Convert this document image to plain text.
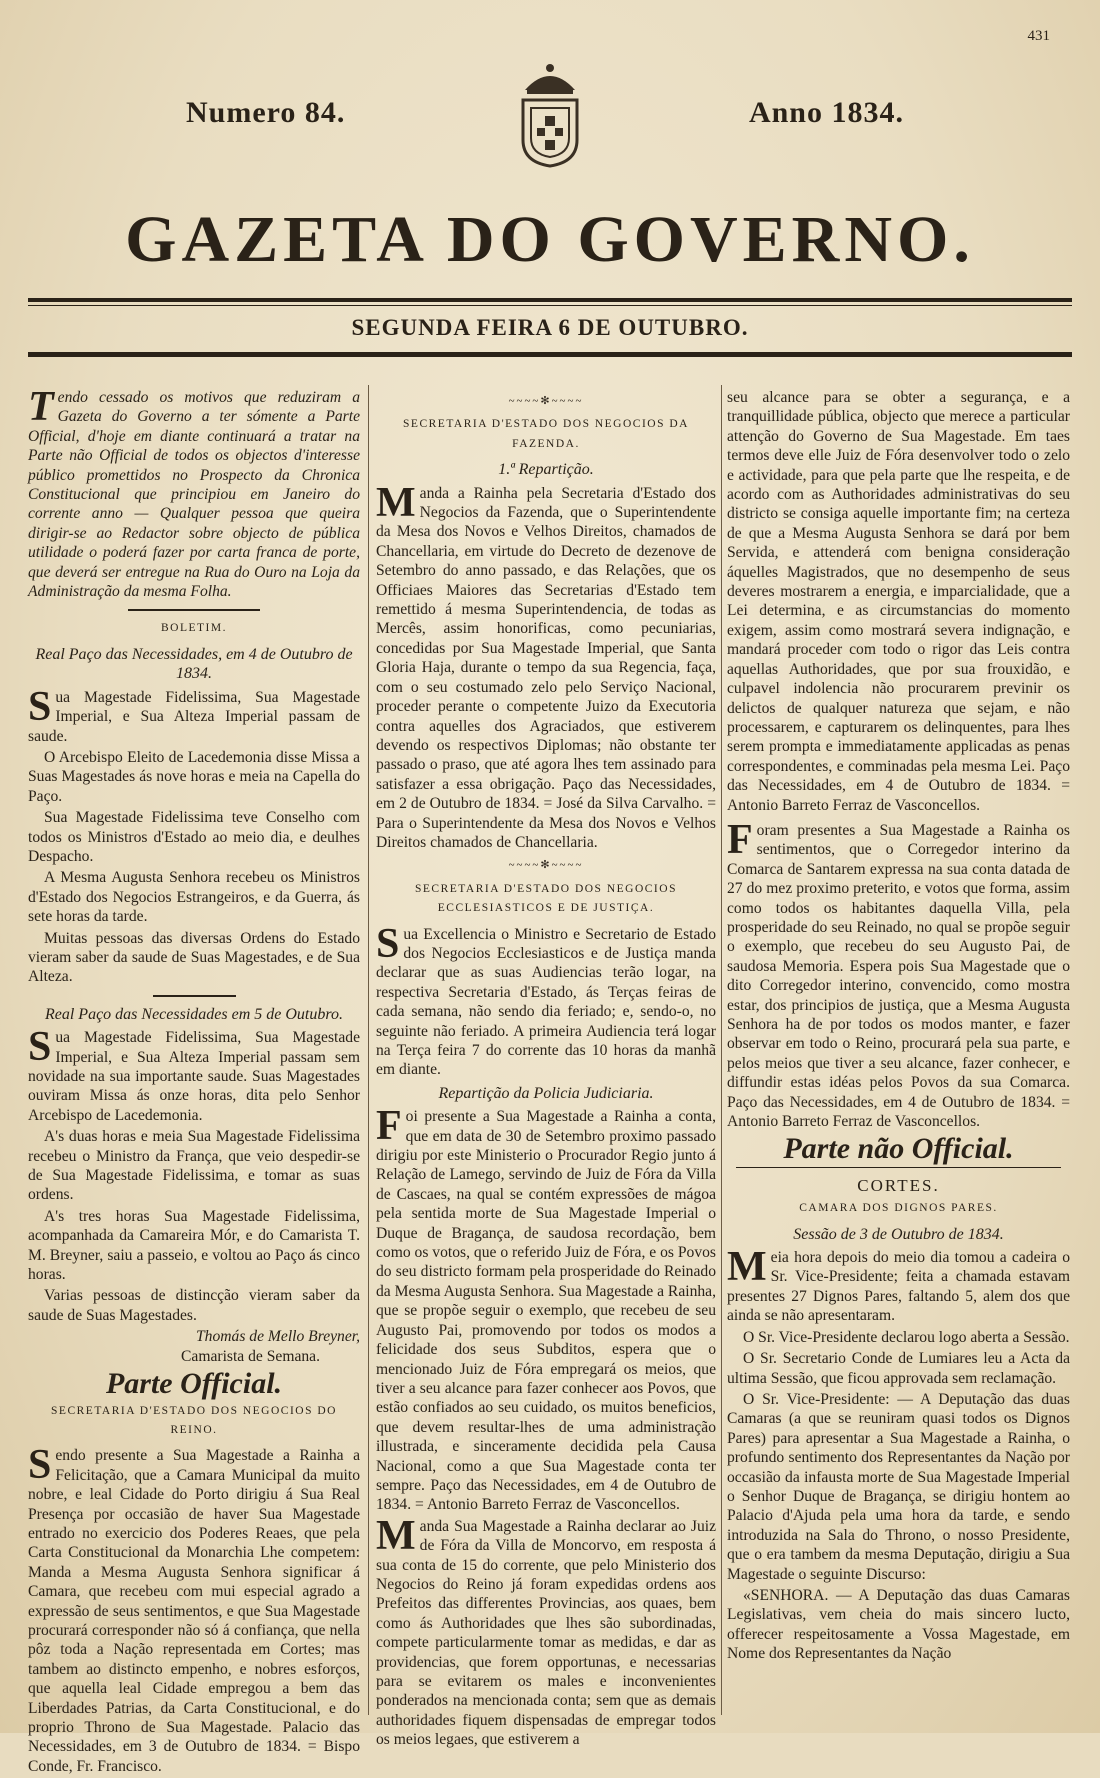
431
Numero 84.	Anno 1834.
GAZETA DO GOVERNO.
SEGUNDA FEIRA 6 DE OUTUBRO.

Tendo cessado os motivos que reduziram a Gazeta do Governo a ter sómente a Parte Official, d'hoje em diante continuará a tratar na Parte não Official de todos os objectos d'interesse público promettidos no Prospecto da Chronica Constitucional que principiou em Janeiro do corrente anno — Qualquer pessoa que queira dirigir-se ao Redactor sobre objecto de pública utilidade o poderá fazer por carta franca de porte, que deverá ser entregue na Rua do Ouro na Loja da Administração da mesma Folha.

BOLETIM.
Real Paço das Necessidades, em 4 de Outubro de 1834.

Sua Magestade Fidelissima, Sua Magestade Imperial, e Sua Alteza Imperial passam de saude.

O Arcebispo Eleito de Lacedemonia disse Missa a Suas Magestades ás nove horas e meia na Capella do Paço.

Sua Magestade Fidelissima teve Conselho com todos os Ministros d'Estado ao meio dia, e deulhes Despacho.

A Mesma Augusta Senhora recebeu os Ministros d'Estado dos Negocios Estrangeiros, e da Guerra, ás sete horas da tarde.

Muitas pessoas das diversas Ordens do Estado vieram saber da saude de Suas Magestades, e de Sua Alteza.

Real Paço das Necessidades em 5 de Outubro.

Sua Magestade Fidelissima, Sua Magestade Imperial, e Sua Alteza Imperial passam sem novidade na sua importante saude. Suas Magestades ouviram Missa ás onze horas, dita pelo Senhor Arcebispo de Lacedemonia.

A's duas horas e meia Sua Magestade Fidelissima recebeu o Ministro da França, que veio despedir-se de Sua Magestade Fidelissima, e tomar as suas ordens.

A's tres horas Sua Magestade Fidelissima, acompanhada da Camareira Mór, e do Camarista T. M. Breyner, saiu a passeio, e voltou ao Paço ás cinco horas.

Varias pessoas de distincção vieram saber da saude de Suas Magestades.

Thomás de Mello Breyner,
Camarista de Semana.
Parte Official.
SECRETARIA D'ESTADO DOS NEGOCIOS DO REINO.

Sendo presente a Sua Magestade a Rainha a Felicitação, que a Camara Municipal da muito nobre, e leal Cidade do Porto dirigiu á Sua Real Presença por occasião de haver Sua Magestade entrado no exercicio dos Poderes Reaes, que pela Carta Constitucional da Monarchia Lhe competem: Manda a Mesma Augusta Senhora significar á Camara, que recebeu com mui especial agrado a expressão de seus sentimentos, e que Sua Magestade procurará corresponder não só á confiança, que nella pôz toda a Nação representada em Cortes; mas tambem ao distincto empenho, e nobres esforços, que aquella leal Cidade empregou a bem das Liberdades Patrias, da Carta Constitucional, e do proprio Throno de Sua Magestade. Palacio das Necessidades, em 3 de Outubro de 1834. = Bispo Conde, Fr. Francisco.

~~~~✻~~~~
SECRETARIA D'ESTADO DOS NEGOCIOS DA FAZENDA.
1.ª Repartição.

Manda a Rainha pela Secretaria d'Estado dos Negocios da Fazenda, que o Superintendente da Mesa dos Novos e Velhos Direitos, chamados de Chancellaria, em virtude do Decreto de dezenove de Setembro do anno passado, e das Relações, que os Officiaes Maiores das Secretarias d'Estado tem remettido á mesma Superintendencia, de todas as Mercês, assim honorificas, como pecuniarias, concedidas por Sua Magestade Imperial, que Santa Gloria Haja, durante o tempo da sua Regencia, faça, com o seu costumado zelo pelo Serviço Nacional, proceder perante o competente Juizo da Executoria contra aquelles dos Agraciados, que estiverem devendo os respectivos Diplomas; não obstante ter passado o praso, que até agora lhes tem assinado para satisfazer a essa obrigação. Paço das Necessidades, em 2 de Outubro de 1834. = José da Silva Carvalho. = Para o Superintendente da Mesa dos Novos e Velhos Direitos chamados de Chancellaria.

~~~~✻~~~~
SECRETARIA D'ESTADO DOS NEGOCIOS ECCLESIASTICOS E DE JUSTIÇA.

Sua Excellencia o Ministro e Secretario de Estado dos Negocios Ecclesiasticos e de Justiça manda declarar que as suas Audiencias terão logar, na respectiva Secretaria d'Estado, ás Terças feiras de cada semana, não sendo dia feriado; e, sendo-o, no seguinte não feriado. A primeira Audiencia terá logar na Terça feira 7 do corrente das 10 horas da manhã em diante.

Repartição da Policia Judiciaria.

Foi presente a Sua Magestade a Rainha a conta, que em data de 30 de Setembro proximo passado dirigiu por este Ministerio o Procurador Regio junto á Relação de Lamego, servindo de Juiz de Fóra da Villa de Cascaes, na qual se contém expressões de mágoa pela sentida morte de Sua Magestade Imperial o Duque de Bragança, de saudosa recordação, bem como os votos, que o referido Juiz de Fóra, e os Povos do seu districto formam pela prosperidade do Reinado da Mesma Augusta Senhora. Sua Magestade a Rainha, que se propõe seguir o exemplo, que recebeu de seu Augusto Pai, promovendo por todos os modos a felicidade dos seus Subditos, espera que o mencionado Juiz de Fóra empregará os meios, que tiver a seu alcance para fazer conhecer aos Povos, que estão confiados ao seu cuidado, os muitos beneficios, que devem resultar-lhes de uma administração illustrada, e sinceramente decidida pela Causa Nacional, como a que Sua Magestade conta ter sempre. Paço das Necessidades, em 4 de Outubro de 1834. = Antonio Barreto Ferraz de Vasconcellos.

Manda Sua Magestade a Rainha declarar ao Juiz de Fóra da Villa de Moncorvo, em resposta á sua conta de 15 do corrente, que pelo Ministerio dos Negocios do Reino já foram expedidas ordens aos Prefeitos das differentes Provincias, aos quaes, bem como ás Authoridades que lhes são subordinadas, compete particularmente tomar as medidas, e dar as providencias, que forem opportunas, e necessarias para se evitarem os males e inconvenientes ponderados na mencionada conta; sem que as demais authoridades fiquem dispensadas de empregar todos os meios legaes, que estiverem a

seu alcance para se obter a segurança, e a tranquillidade pública, objecto que merece a particular attenção do Governo de Sua Magestade. Em taes termos deve elle Juiz de Fóra desenvolver todo o zelo e actividade, para que pela parte que lhe respeita, e de acordo com as Authoridades administrativas do seu districto se consiga aquelle importante fim; na certeza de que a Mesma Augusta Senhora se dará por bem Servida, e attenderá com benigna consideração áquelles Magistrados, que no desempenho de seus deveres mostrarem a energia, e imparcialidade, que a Lei determina, e as circumstancias do momento exigem, assim como mostrará severa indignação, e mandará proceder com todo o rigor das Leis contra aquellas Authoridades, que por sua frouxidão, e culpavel indolencia não procurarem previnir os delictos de qualquer natureza que sejam, e não processarem, e capturarem os delinquentes, para lhes serem prompta e immediatamente applicadas as penas correspondentes, e comminadas pela mesma Lei. Paço das Necessidades, em 4 de Outubro de 1834. = Antonio Barreto Ferraz de Vasconcellos.

Foram presentes a Sua Magestade a Rainha os sentimentos, que o Corregedor interino da Comarca de Santarem expressa na sua conta datada de 27 do mez proximo preterito, e votos que forma, assim como todos os habitantes daquella Villa, pela prosperidade do seu Reinado, no qual se propõe seguir o exemplo, que recebeu do seu Augusto Pai, de saudosa Memoria. Espera pois Sua Magestade que o dito Corregedor interino, convencido, como mostra estar, dos principios de justiça, que a Mesma Augusta Senhora ha de por todos os modos manter, e fazer observar em todo o Reino, procurará pela sua parte, e pelos meios que tiver a seu alcance, fazer conhecer, e diffundir estas idéas pelos Povos da sua Comarca. Paço das Necessidades, em 4 de Outubro de 1834. = Antonio Barreto Ferraz de Vasconcellos.

Parte não Official.
CORTES.
CAMARA DOS DIGNOS PARES.
Sessão de 3 de Outubro de 1834.

Meia hora depois do meio dia tomou a cadeira o Sr. Vice-Presidente; feita a chamada estavam presentes 27 Dignos Pares, faltando 5, alem dos que ainda se não apresentaram.

O Sr. Vice-Presidente declarou logo aberta a Sessão.

O Sr. Secretario Conde de Lumiares leu a Acta da ultima Sessão, que ficou approvada sem reclamação.

O Sr. Vice-Presidente: — A Deputação das duas Camaras (a que se reuniram quasi todos os Dignos Pares) para apresentar a Sua Magestade a Rainha, o profundo sentimento dos Representantes da Nação por occasião da infausta morte de Sua Magestade Imperial o Senhor Duque de Bragança, se dirigiu hontem ao Palacio d'Ajuda pela uma hora da tarde, e sendo introduzida na Sala do Throno, o nosso Presidente, que o era tambem da mesma Deputação, dirigiu a Sua Magestade o seguinte Discurso:

«SENHORA. — A Deputação das duas Camaras Legislativas, vem cheia do mais sincero lucto, offerecer respeitosamente a Vossa Magestade, em Nome dos Representantes da Nação
